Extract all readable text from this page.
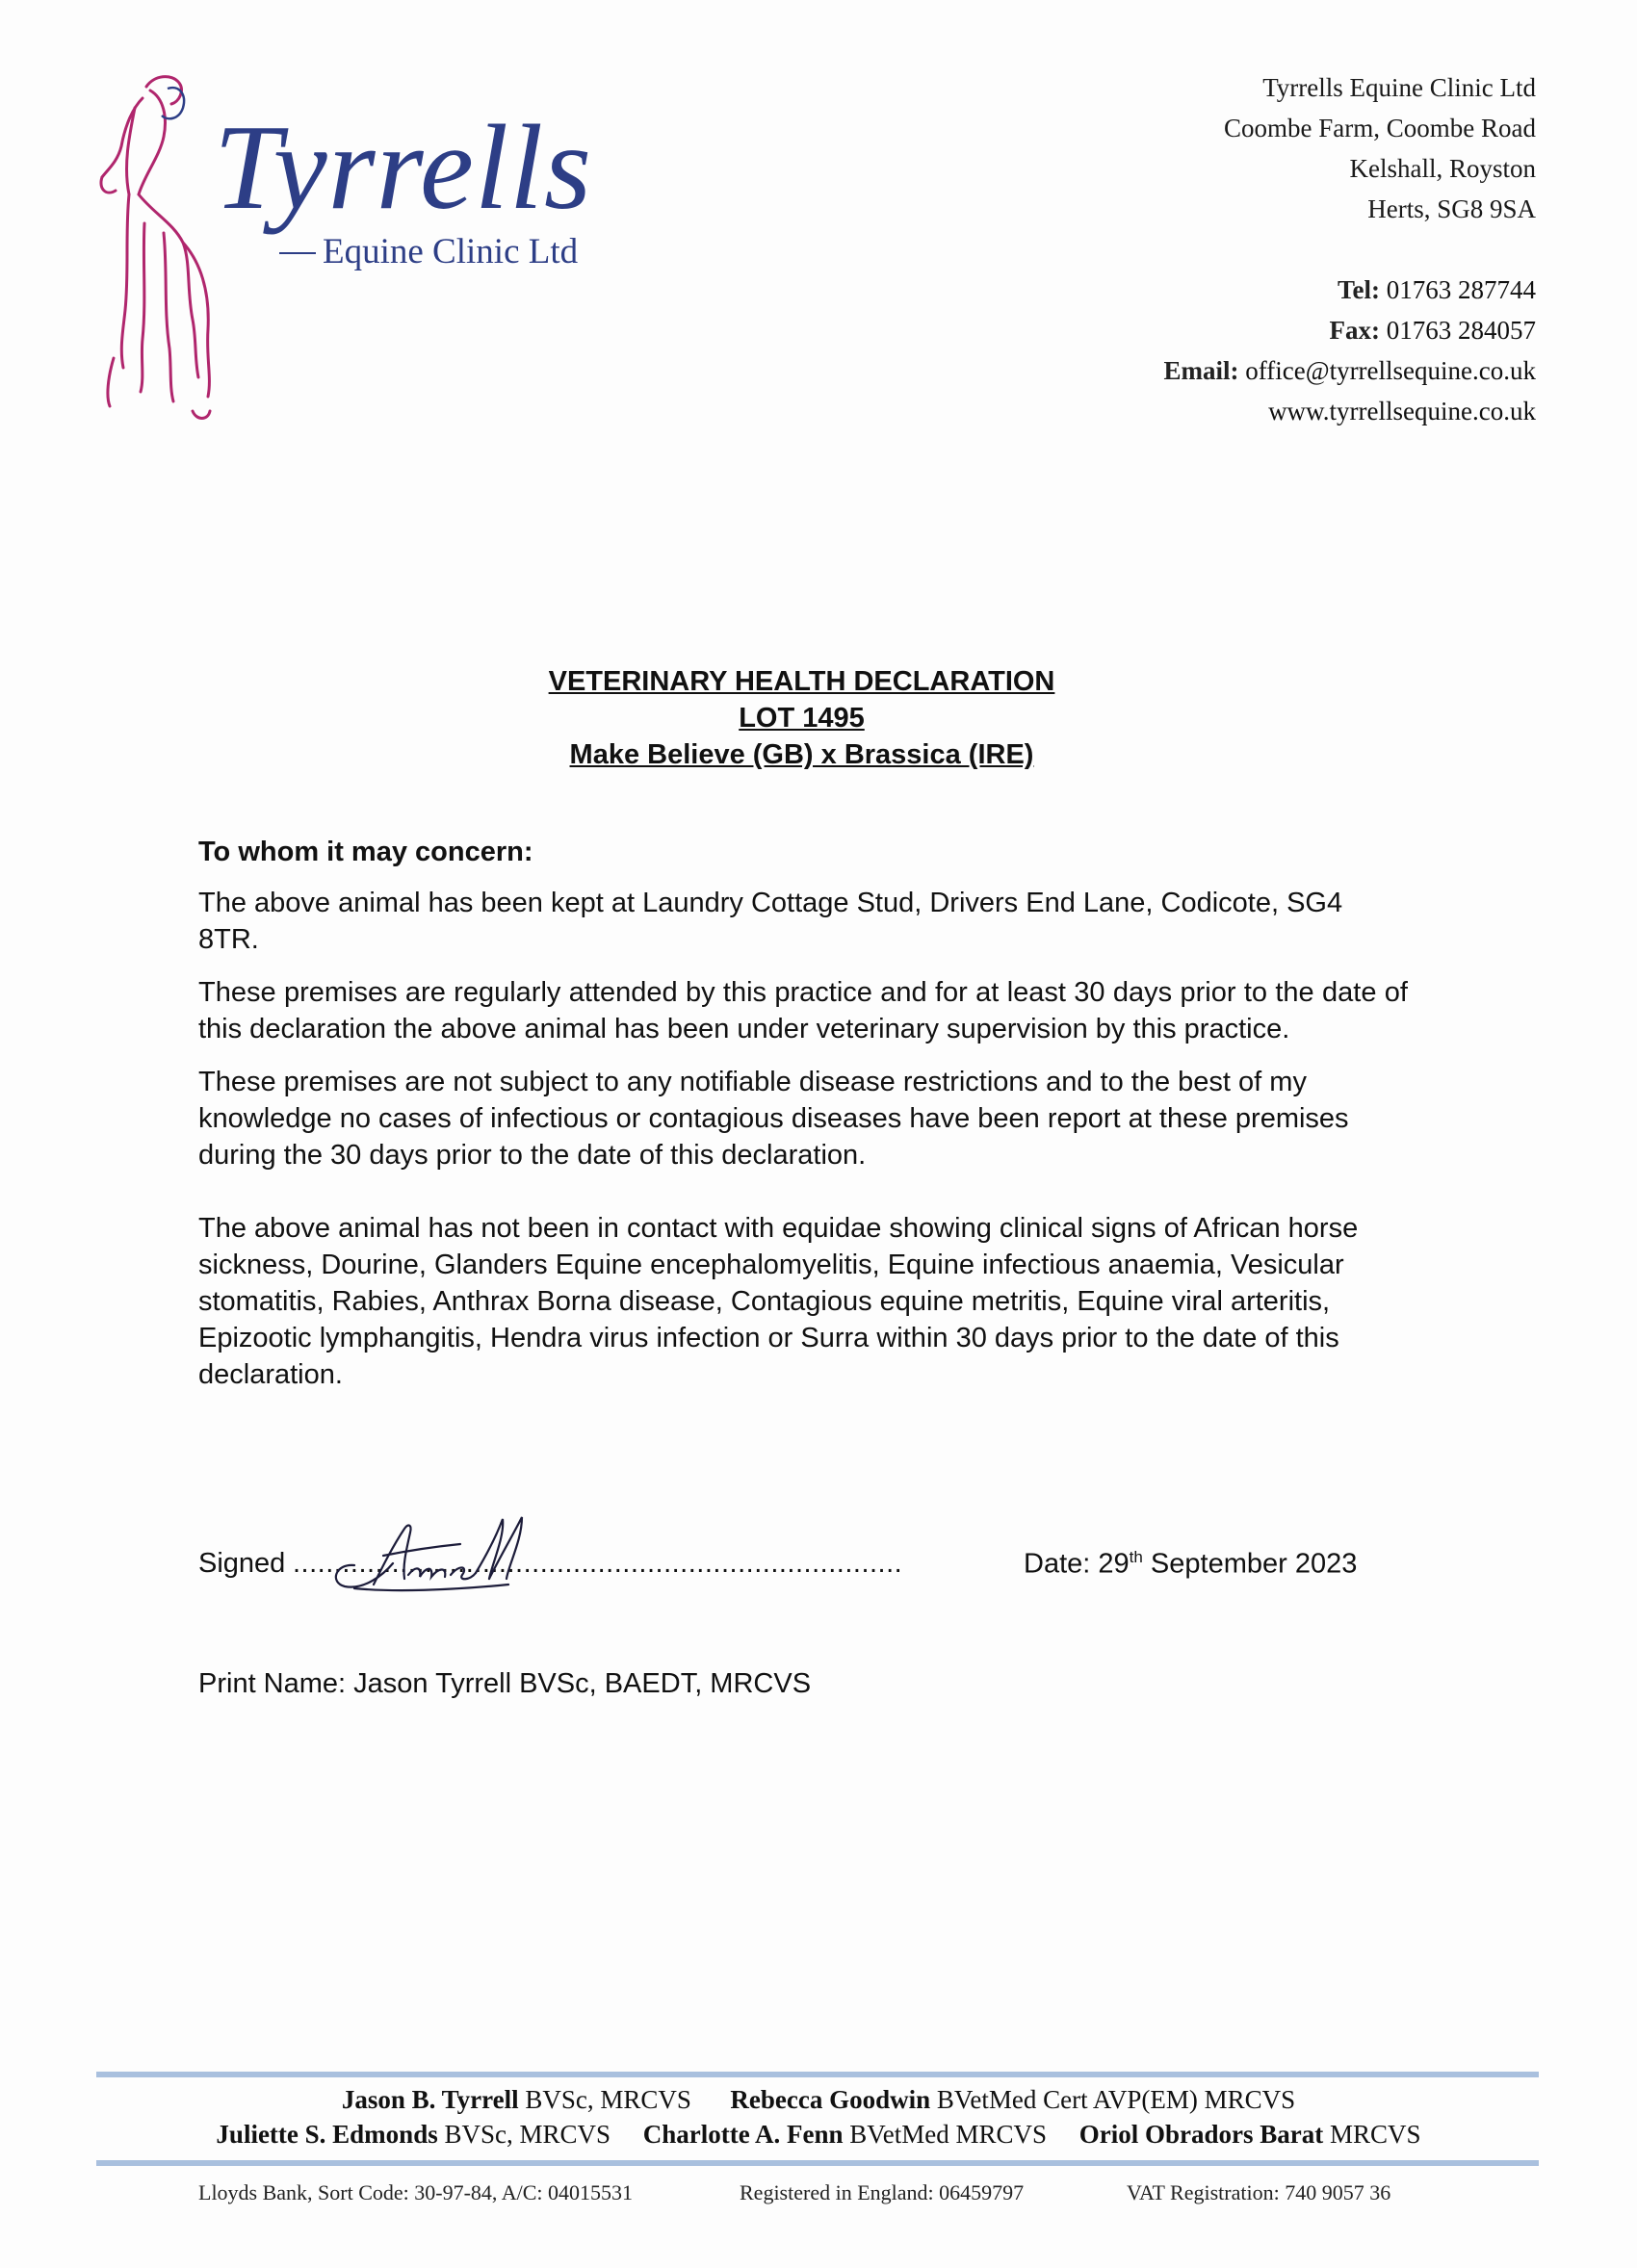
Tyrrells
Equine Clinic Ltd
Tyrrells Equine Clinic Ltd
Coombe Farm, Coombe Road
Kelshall, Royston
Herts, SG8 9SA
Tel: 01763 287744
Fax: 01763 284057
Email: office@tyrrellsequine.co.uk
www.tyrrellsequine.co.uk
VETERINARY HEALTH DECLARATION
LOT 1495
Make Believe (GB) x Brassica (IRE)
To whom it may concern:

The above animal has been kept at Laundry Cottage Stud, Drivers End Lane, Codicote, SG4 8TR.

These premises are regularly attended by this practice and for at least 30 days prior to the date of this declaration the above animal has been under veterinary supervision by this practice.

These premises are not subject to any notifiable disease restrictions and to the best of my knowledge no cases of infectious or contagious diseases have been report at these premises during the 30 days prior to the date of this declaration.

The above animal has not been in contact with equidae showing clinical signs of African horse sickness, Dourine, Glanders Equine encephalomyelitis, Equine infectious anaemia, Vesicular stomatitis, Rabies, Anthrax Borna disease, Contagious equine metritis, Equine viral arteritis, Epizootic lymphangitis, Hendra virus infection or Surra within 30 days prior to the date of this declaration.

Signed ..........................................................................	Date: 29th September 2023
Print Name: Jason Tyrrell BVSc, BAEDT, MRCVS
Jason B. Tyrrell BVSc, MRCVS Rebecca Goodwin BVetMed Cert AVP(EM) MRCVS
Juliette S. Edmonds BVSc, MRCVS Charlotte A. Fenn BVetMed MRCVS Oriol Obradors Barat MRCVS
Lloyds Bank, Sort Code: 30-97-84, A/C: 04015531	Registered in England: 06459797	VAT Registration: 740 9057 36
